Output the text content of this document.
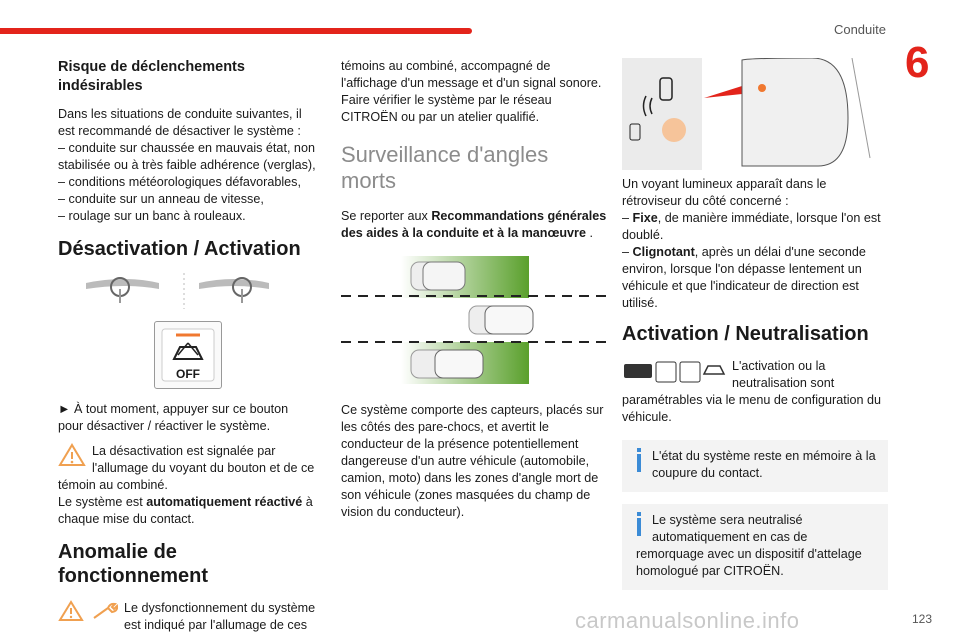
Conduite
6
Risque de déclenchements indésirables

Dans les situations de conduite suivantes, il est recommandé de désactiver le système :

– conduite sur chaussée en mauvais état, non stabilisée ou à très faible adhérence (verglas),
– conditions météorologiques défavorables,
– conduite sur un anneau de vitesse,
– roulage sur un banc à rouleaux.
Désactivation / Activation
OFF

► À tout moment, appuyer sur ce bouton pour désactiver / réactiver le système.

La désactivation est signalée par l'allumage du voyant du bouton et de ce témoin au combiné.

Le système est automatiquement réactivé à chaque mise du contact.

Anomalie de fonctionnement
Le dysfonctionnement du système est indiqué par l'allumage de ces

témoins au combiné, accompagné de l'affichage d'un message et d'un signal sonore.

Faire vérifier le système par le réseau CITROËN ou par un atelier qualifié.

Surveillance d'angles morts

Se reporter aux Recommandations générales des aides à la conduite et à la manœuvre .

Ce système comporte des capteurs, placés sur les côtés des pare-chocs, et avertit le conducteur de la présence potentiellement dangereuse d'un autre véhicule (automobile, camion, moto) dans les zones d'angle mort de son véhicule (zones masquées du champ de vision du conducteur).

Un voyant lumineux apparaît dans le rétroviseur du côté concerné :

– Fixe, de manière immédiate, lorsque l'on est doublé.
– Clignotant, après un délai d'une seconde environ, lorsque l'on dépasse lentement un véhicule et que l'indicateur de direction est utilisé.
Activation / Neutralisation
L'activation ou la neutralisation sont paramétrables via le menu de configuration du véhicule.
L'état du système reste en mémoire à la coupure du contact.
Le système sera neutralisé automatiquement en cas de remorquage avec un dispositif d'attelage homologué par CITROËN.
carmanualsonline.info	123
